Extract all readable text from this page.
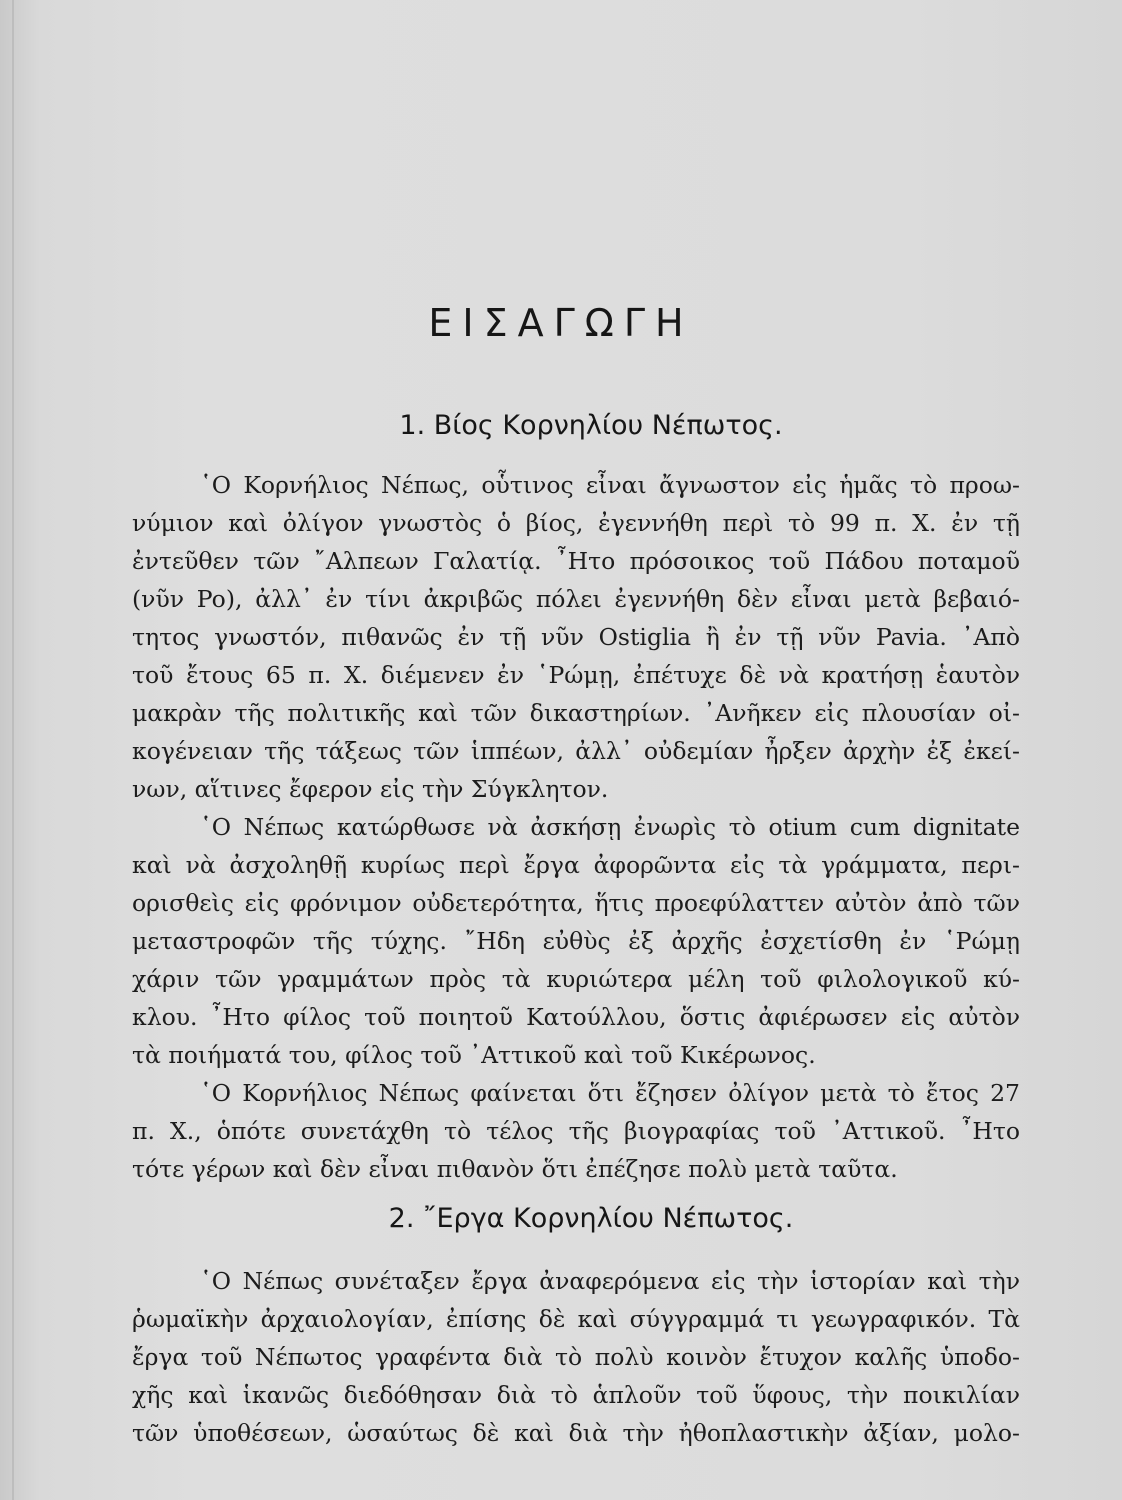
ΕΙΣΑΓΩΓΗ
1. Βίος Κορνηλίου Νέπωτος.
῾Ο Κορνήλιος Νέπως, οὗτινος εἶναι ἄγνωστον εἰς ἡμᾶς τὸ προω-
νύμιον καὶ ὀλίγον γνωστὸς ὁ βίος, ἐγεννήθη περὶ τὸ 99 π. Χ. ἐν τῇ
ἐντεῦθεν τῶν ῎Αλπεων Γαλατίᾳ. ῏Ητο πρόσοικος τοῦ Πάδου ποταμοῦ
(νῦν Po), ἀλλ᾿ ἐν τίνι ἀκριβῶς πόλει ἐγεννήθη δὲν εἶναι μετὰ βεβαιό-
τητος γνωστόν, πιθανῶς ἐν τῇ νῦν Ostiglia ἢ ἐν τῇ νῦν Pavia. ᾿Απὸ
τοῦ ἔτους 65 π. Χ. διέμενεν ἐν ῾Ρώμῃ, ἐπέτυχε δὲ νὰ κρατήσῃ ἑαυτὸν
μακρὰν τῆς πολιτικῆς καὶ τῶν δικαστηρίων. ᾿Ανῆκεν εἰς πλουσίαν οἰ-
κογένειαν τῆς τάξεως τῶν ἱππέων, ἀλλ᾿ οὐδεμίαν ἦρξεν ἀρχὴν ἐξ ἐκεί-
νων, αἵτινες ἔφερον εἰς τὴν Σύγκλητον.
῾Ο Νέπως κατώρθωσε νὰ ἀσκήσῃ ἐνωρὶς τὸ otium cum dignitate
καὶ νὰ ἀσχοληθῇ κυρίως περὶ ἔργα ἀφορῶντα εἰς τὰ γράμματα, περι-
ορισθεὶς εἰς φρόνιμον οὐδετερότητα, ἥτις προεφύλαττεν αὐτὸν ἀπὸ τῶν
μεταστροφῶν τῆς τύχης. ῎Ηδη εὐθὺς ἐξ ἀρχῆς ἐσχετίσθη ἐν ῾Ρώμῃ
χάριν τῶν γραμμάτων πρὸς τὰ κυριώτερα μέλη τοῦ φιλολογικοῦ κύ-
κλου. ῏Ητο φίλος τοῦ ποιητοῦ Κατούλλου, ὅστις ἀφιέρωσεν εἰς αὐτὸν
τὰ ποιήματά του, φίλος τοῦ ᾿Αττικοῦ καὶ τοῦ Κικέρωνος.
῾Ο Κορνήλιος Νέπως φαίνεται ὅτι ἔζησεν ὀλίγον μετὰ τὸ ἔτος 27
π. Χ., ὁπότε συνετάχθη τὸ τέλος τῆς βιογραφίας τοῦ ᾿Αττικοῦ. ῏Ητο
τότε γέρων καὶ δὲν εἶναι πιθανὸν ὅτι ἐπέζησε πολὺ μετὰ ταῦτα.
2. ῎Εργα Κορνηλίου Νέπωτος.
῾Ο Νέπως συνέταξεν ἔργα ἀναφερόμενα εἰς τὴν ἱστορίαν καὶ τὴν
ῥωμαϊκὴν ἀρχαιολογίαν, ἐπίσης δὲ καὶ σύγγραμμά τι γεωγραφικόν. Τὰ
ἔργα τοῦ Νέπωτος γραφέντα διὰ τὸ πολὺ κοινὸν ἔτυχον καλῆς ὑποδο-
χῆς καὶ ἱκανῶς διεδόθησαν διὰ τὸ ἁπλοῦν τοῦ ὕφους, τὴν ποικιλίαν
τῶν ὑποθέσεων, ὡσαύτως δὲ καὶ διὰ τὴν ἠθοπλαστικὴν ἀξίαν, μολο-
